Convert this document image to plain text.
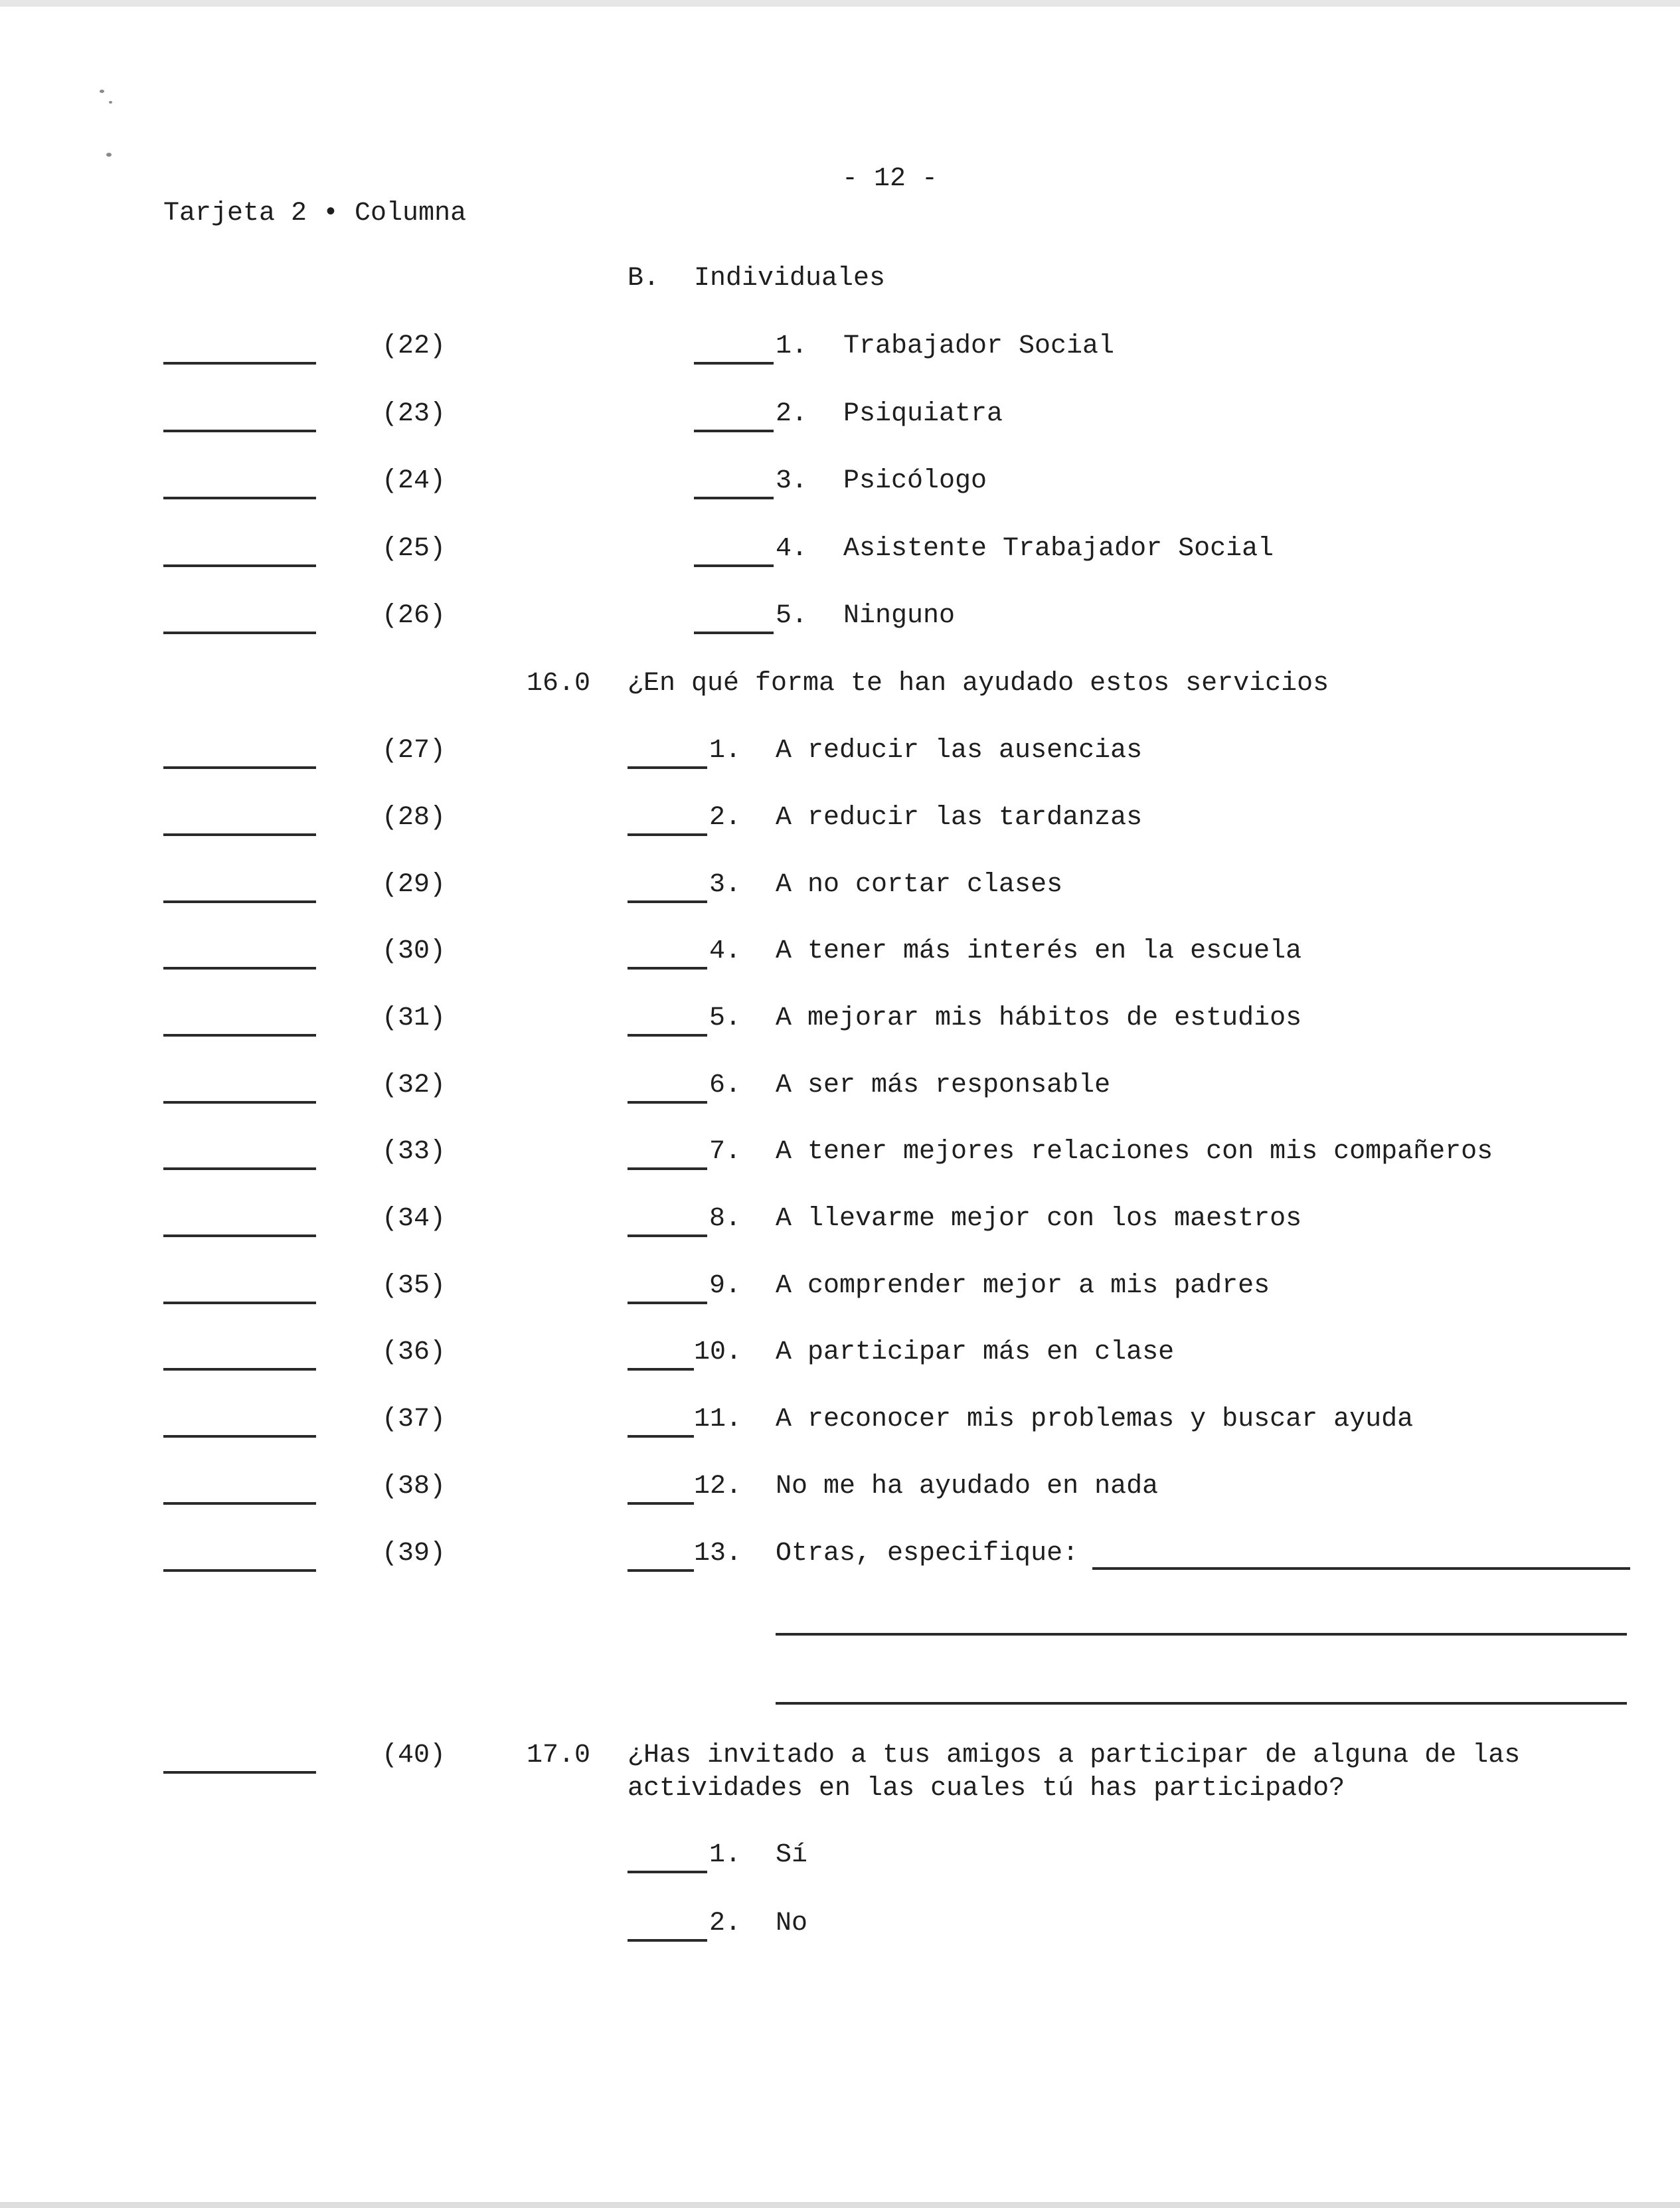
- 12 -
Tarjeta 2 • Columna
B. Individuales
(22)	1. Trabajador Social
(23)	2. Psiquiatra
(24)	3. Psicólogo
(25)	4. Asistente Trabajador Social
(26)	5. Ninguno
16.0 ¿En qué forma te han ayudado estos servicios
(27)	1. A reducir las ausencias
(28)	2. A reducir las tardanzas
(29)	3. A no cortar clases
(30)	4. A tener más interés en la escuela
(31)	5. A mejorar mis hábitos de estudios
(32)	6. A ser más responsable
(33)	7. A tener mejores relaciones con mis compañeros
(34)	8. A llevarme mejor con los maestros
(35)	9. A comprender mejor a mis padres
(36)	10. A participar más en clase
(37)	11. A reconocer mis problemas y buscar ayuda
(38)	12. No me ha ayudado en nada
(39)	13. Otras, especifique:
(40)	17.0 ¿Has invitado a tus amigos a participar de alguna de las
actividades en las cuales tú has participado?
1. Sí
2. No
